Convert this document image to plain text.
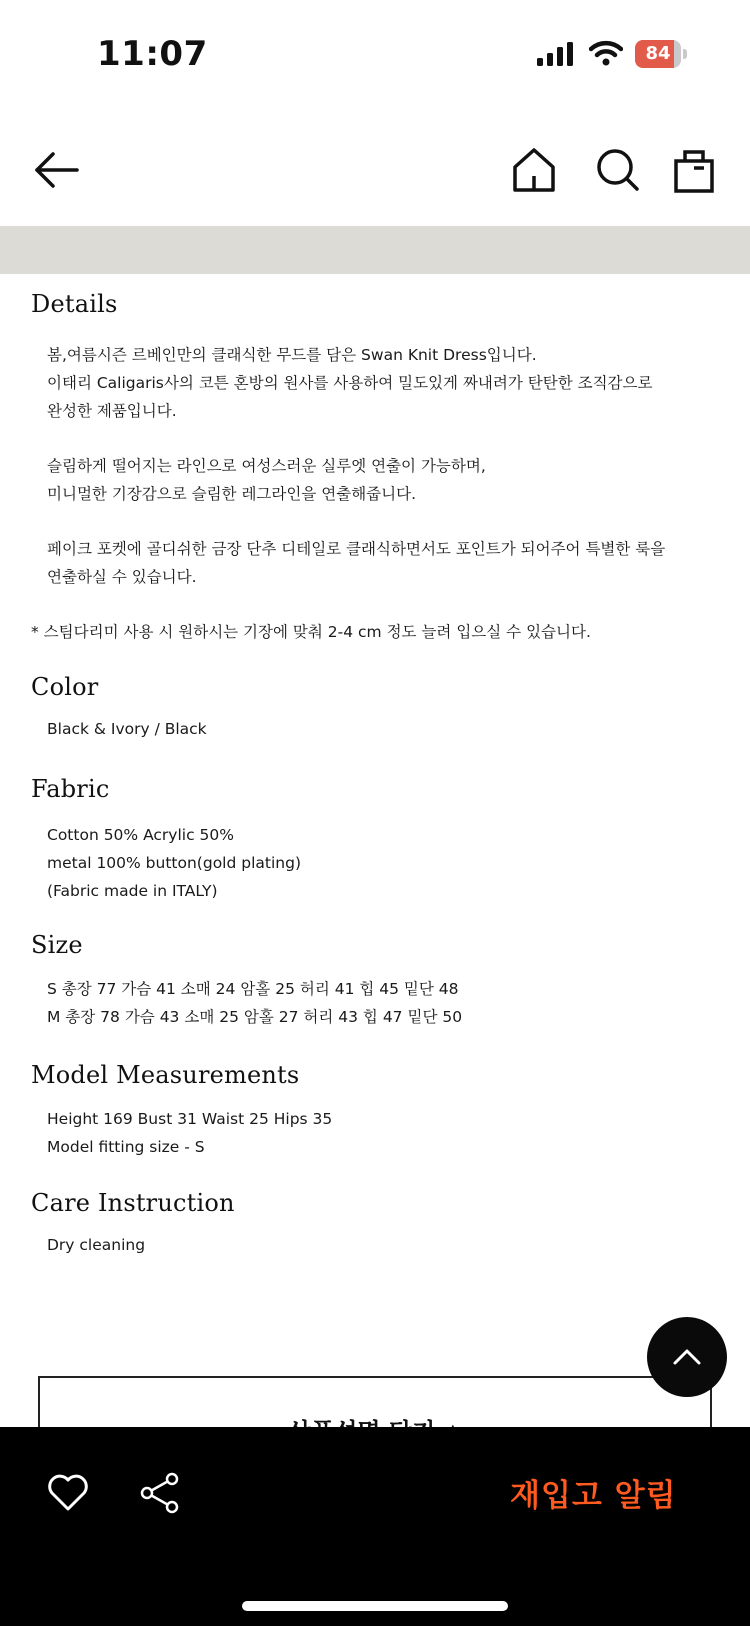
11:07	84
Details
봄,여름시즌 르베인만의 클래식한 무드를 담은 Swan Knit Dress입니다.
이태리 Caligaris사의 코튼 혼방의 원사를 사용하여 밀도있게 짜내려가 탄탄한 조직감으로
완성한 제품입니다.
슬림하게 떨어지는 라인으로 여성스러운 실루엣 연출이 가능하며,
미니멀한 기장감으로 슬림한 레그라인을 연출해줍니다.
페이크 포켓에 골디쉬한 금장 단추 디테일로 클래식하면서도 포인트가 되어주어 특별한 룩을
연출하실 수 있습니다.
* 스팀다리미 사용 시 원하시는 기장에 맞춰 2-4 cm 정도 늘려 입으실 수 있습니다.
Color
Black & Ivory / Black
Fabric
Cotton 50% Acrylic 50%
metal 100% button(gold plating)
(Fabric made in ITALY)
Size
S 총장 77 가슴 41 소매 24 암홀 25 허리 41 힙 45 밑단 48
M 총장 78 가슴 43 소매 25 암홀 27 허리 43 힙 47 밑단 50
Model Measurements
Height 169 Bust 31 Waist 25 Hips 35
Model fitting size - S
Care Instruction
Dry cleaning
재입고 알림
